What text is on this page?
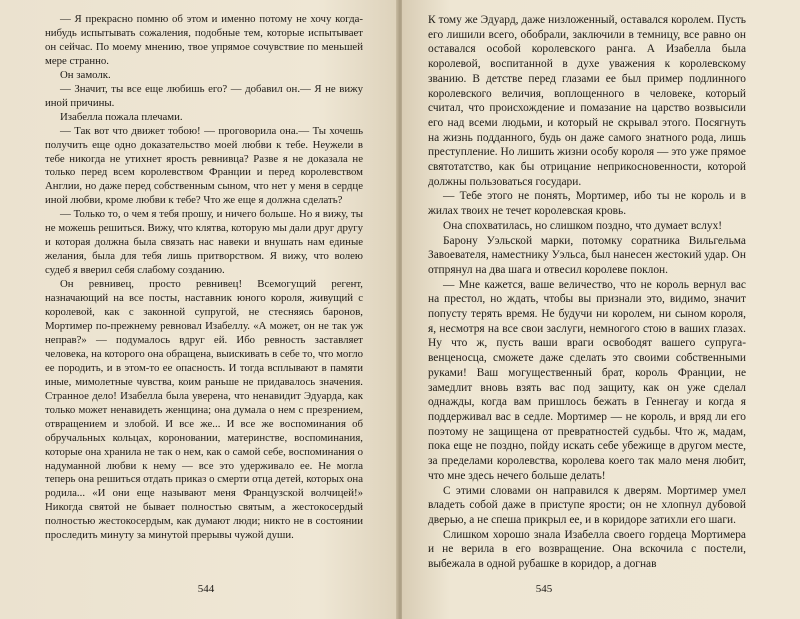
— Я прекрасно помню об этом и именно потому не хочу когда-нибудь испытывать сожаления, подобные тем, которые испытывает он сейчас. По моему мнению, твое упрямое сочувствие по меньшей мере странно.

Он замолк.

— Значит, ты все еще любишь его? — добавил он.— Я не вижу иной причины.

Изабелла пожала плечами.

— Так вот что движет тобою! — проговорила она.— Ты хочешь получить еще одно доказательство моей любви к тебе. Неужели в тебе никогда не утихнет ярость ревнивца? Разве я не доказала не только перед всем королевством Франции и перед королевством Англии, но даже перед собственным сыном, что нет у меня в сердце иной любви, кроме любви к тебе? Что же еще я должна сделать?

— Только то, о чем я тебя прошу, и ничего больше. Но я вижу, ты не можешь решиться. Вижу, что клятва, которую мы дали друг другу и которая должна была связать нас навеки и внушать нам единые желания, была для тебя лишь притворством. Я вижу, что волею судеб я вверил себя слабому созданию.

Он ревнивец, просто ревнивец! Всемогущий регент, назначающий на все посты, наставник юного короля, живущий с королевой, как с законной супругой, не стесняясь баронов, Мортимер по-прежнему ревновал Изабеллу. «А может, он не так уж неправ?» — подумалось вдруг ей. Ибо ревность заставляет человека, на которого она обращена, выискивать в себе то, что могло ее породить, и в этом-то ее опасность. И тогда всплывают в памяти иные, мимолетные чувства, коим раньше не придавалось значения. Странное дело! Изабелла была уверена, что ненавидит Эдуарда, как только может ненавидеть женщина; она думала о нем с презрением, отвращением и злобой. И все же... И все же воспоминания об обручальных кольцах, короновании, материнстве, воспоминания, которые она хранила не так о нем, как о самой себе, воспоминания о надуманной любви к нему — все это удерживало ее. Не могла теперь она решиться отдать приказ о смерти отца детей, которых она родила... «И они еще называют меня Французской волчицей!» Никогда святой не бывает полностью святым, а жестокосердый полностью жестокосердым, как думают люди; никто не в состоянии проследить минуту за минутой прерывы чужой души.

544

К тому же Эдуард, даже низложенный, оставался королем. Пусть его лишили всего, обобрали, заключили в темницу, все равно он оставался особой королевского ранга. А Изабелла была королевой, воспитанной в духе уважения к королевскому званию. В детстве перед глазами ее был пример подлинного королевского величия, воплощенного в человеке, который считал, что происхождение и помазание на царство возвысили его над всеми людьми, и который не скрывал этого. Посягнуть на жизнь подданного, будь он даже самого знатного рода, лишь преступление. Но лишить жизни особу короля — это уже прямое святотатство, как бы отрицание неприкосновенности, которой должны пользоваться государи.

— Тебе этого не понять, Мортимер, ибо ты не король и в жилах твоих не течет королевская кровь.

Она спохватилась, но слишком поздно, что думает вслух!

Барону Уэльской марки, потомку соратника Вильгельма Завоевателя, наместнику Уэльса, был нанесен жестокий удар. Он отпрянул на два шага и отвесил королеве поклон.

— Мне кажется, ваше величество, что не король вернул вас на престол, но ждать, чтобы вы признали это, видимо, значит попусту терять время. Не будучи ни королем, ни сыном короля, я, несмотря на все свои заслуги, немногого стою в ваших глазах. Ну что ж, пусть ваши враги освободят вашего супруга-венценосца, сможете даже сделать это своими собственными руками! Ваш могущественный брат, король Франции, не замедлит вновь взять вас под защиту, как он уже сделал однажды, когда вам пришлось бежать в Геннегау и когда я поддерживал вас в седле. Мортимер — не король, и вряд ли его поэтому не защищена от превратностей судьбы. Что ж, мадам, пока еще не поздно, пойду искать себе убежище в другом месте, за пределами королевства, королева коего так мало меня любит, что мне здесь нечего больше делать!

С этими словами он направился к дверям. Мортимер умел владеть собой даже в приступе ярости; он не хлопнул дубовой дверью, а не спеша прикрыл ее, и в коридоре затихли его шаги.

Слишком хорошо знала Изабелла своего гордеца Мортимера и не верила в его возвращение. Она вскочила с постели, выбежала в одной рубашке в коридор, а догнав

545
